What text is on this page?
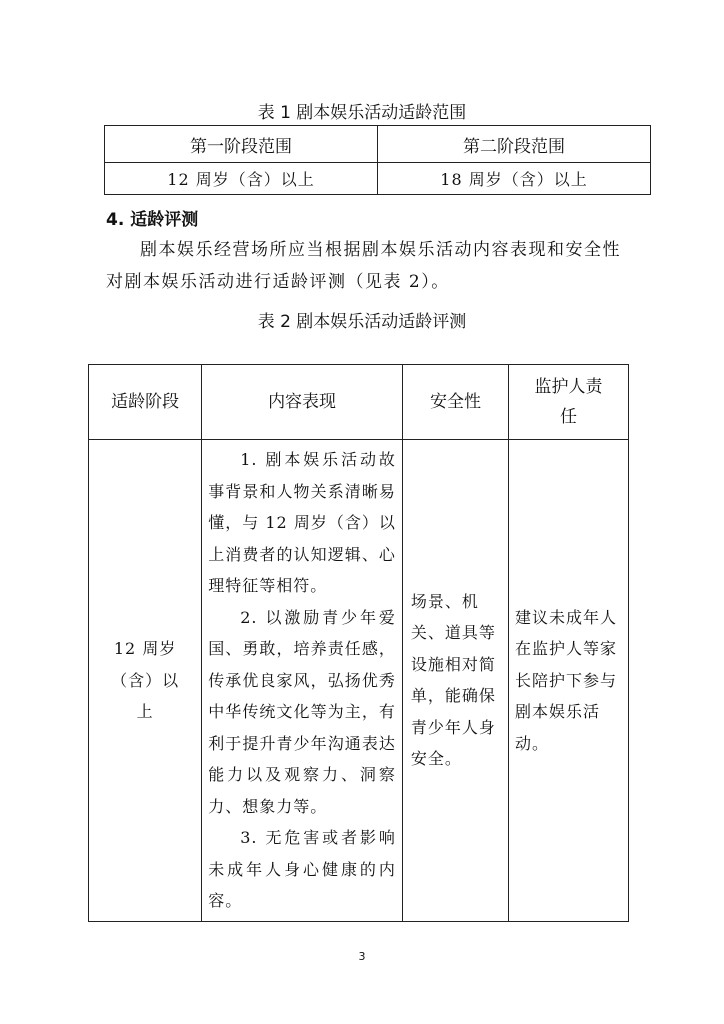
表 1 剧本娱乐活动适龄范围
第一阶段范围	第二阶段范围
12 周岁（含）以上	18 周岁（含）以上
4. 适龄评测
剧本娱乐经营场所应当根据剧本娱乐活动内容表现和安全性对剧本娱乐活动进行适龄评测（见表 2）。
表 2 剧本娱乐活动适龄评测
适龄阶段	内容表现	安全性	监护人责任
12 周岁（含）以上	1. 剧本娱乐活动故事背景和人物关系清晰易懂，与 12 周岁（含）以上消费者的认知逻辑、心理特征等相符。
2. 以激励青少年爱国、勇敢，培养责任感，传承优良家风，弘扬优秀中华传统文化等为主，有利于提升青少年沟通表达能力以及观察力、洞察力、想象力等。
3. 无危害或者影响未成年人身心健康的内容。	场景、机关、道具等设施相对简单，能确保青少年人身安全。	建议未成年人在监护人等家长陪护下参与剧本娱乐活动。
3
